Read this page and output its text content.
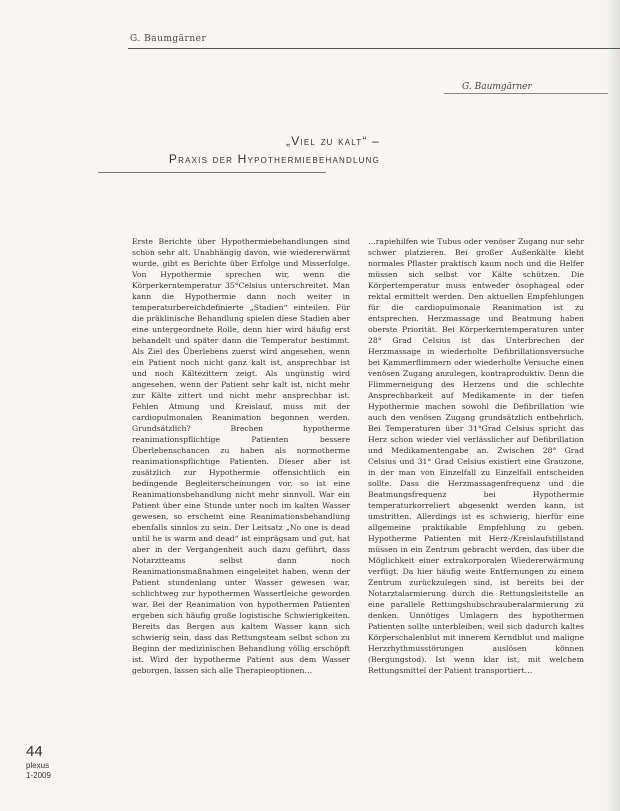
G. Baumgärner
G. Baumgärner
„Viel zu kalt“ –
Praxis der Hypothermiebehandlung

Erste Berichte über Hypothermiebehandlungen sind schon sehr alt. Unabhängig davon, wie wiedererwärmt wurde, gibt es Berichte über Erfolge und Misserfolge. Von Hypothermie sprechen wir, wenn die Körperkerntemperatur 35°Celsius unterschreitet. Man kann die Hypothermie dann noch weiter in temperaturbereichdefinierte „Stadien“ einteilen. Für die präklinische Behandlung spielen diese Stadien aber eine untergeordnete Rolle, denn hier wird häufig erst behandelt und später dann die Temperatur bestimmt. Als Ziel des Überlebens zuerst wird angesehen, wenn ein Patient noch nicht ganz kalt ist, ansprechbar ist und noch Kältezittern zeigt. Als ungünstig wird angesehen, wenn der Patient sehr kalt ist, nicht mehr zur Kälte zittert und nicht mehr ansprechbar ist. Fehlen Atmung und Kreislauf, muss mit der cardiopulmonalen Reanimation begonnen werden. Grundsätzlich? Brechen hypotherme reanimationspflichtige Patienten bessere Überlebenschancen zu haben als normotherme reanimationspflichtige Patienten. Dieser aber ist zusätzlich zur Hypothermie offensichtlich ein bedingende Begleiterscheinungen vor, so ist eine Reanimationsbehandlung nicht mehr sinnvoll. War ein Patient über eine Stunde unter noch im kalten Wasser gewesen, so erscheint eine Reanimationsbehandlung ebenfalls sinnlos zu sein. Der Leitsatz „No one is dead until he is warm and dead“ ist einprägsam und gut, hat aber in der Vergangenheit auch dazu geführt, dass Notarztteams selbst dann noch Reanimationsmaßnahmen eingeleitet haben, wenn der Patient stundenlang unter Wasser gewesen war, schlichtweg zur hypothermen Wassertleiche geworden war. Bei der Reanimation von hypothermen Patienten ergeben sich häufig große logistische Schwierigkeiten. Bereits das Bergen aus kaltem Wasser kann sich schwierig sein, dass das Rettungsteam selbst schon zu Beginn der medizinischen Behandlung völlig erschöpft ist. Wird der hypotherme Patient aus dem Wasser geborgen, lassen sich alle Therapieoptionen…

…rapiehilfen wie Tubus oder venöser Zugang nur sehr schwer platzieren. Bei großer Außenkälte klebt normales Pflaster praktisch kaum noch und die Helfer müssen sich selbst vor Kälte schützen. Die Körpertemperatur muss entweder ösophageal oder rektal ermittelt werden. Den aktuellen Empfehlungen für die cardiopulmonale Reanimation ist zu entsprechen. Herzmassage und Beatmung haben oberste Priorität. Bei Körperkerntemperaturen unter 28° Grad Celsius ist das Unterbrechen der Herzmassage in wiederholte Defibrillationsversuche bei Kammerflimmern oder wiederholte Versuche einen venösen Zugang anzulegen, kontraproduktiv. Denn die Flimmerneigung des Herzens und die schlechte Ansprechbarkeit auf Medikamente in der tiefen Hypothermie machen sowohl die Defibrillation wie auch den venösen Zugang grundsätzlich entbehrlich. Bei Temperaturen über 31°Grad Celsius spricht das Herz schon wieder viel verlässlicher auf Defibrillation und Medikamentengabe an. Zwischen 28° Grad Celsius und 31° Grad Celsius existiert eine Grauzone, in der man von Einzelfall zu Einzelfall entscheiden sollte. Dass die Herzmassagenfrequenz und die Beatmungsfrequenz bei Hypothermie temperaturkorreliert abgesenkt werden kann, ist umstritten. Allerdings ist es schwierig, hierfür eine allgemeine praktikable Empfehlung zu geben. Hypotherme Patienten mit Herz-/Kreislaufstillstand müssen in ein Zentrum gebracht werden, das über die Möglichkeit einer extrakorporalen Wiedererwärmung verfügt. Da hier häufig weite Entfernungen zu einem Zentrum zurückzulegen sind, ist bereits bei der Notarztalarmierung durch die Rettungsleitstelle an eine parallele Rettungshubschrauberalarmierung zu denken. Unnötiges Umlagern des hypothermen Patienten sollte unterbleiben, weil sich dadurch kaltes Körperschalenblut mit innerem Kerndblut und maligne Herzrhythmusstörungen auslösen können (Bergungstod). Ist wenn klar ist, mit welchem Rettungsmittel der Patient transportiert…

44
plexus
1-2009
